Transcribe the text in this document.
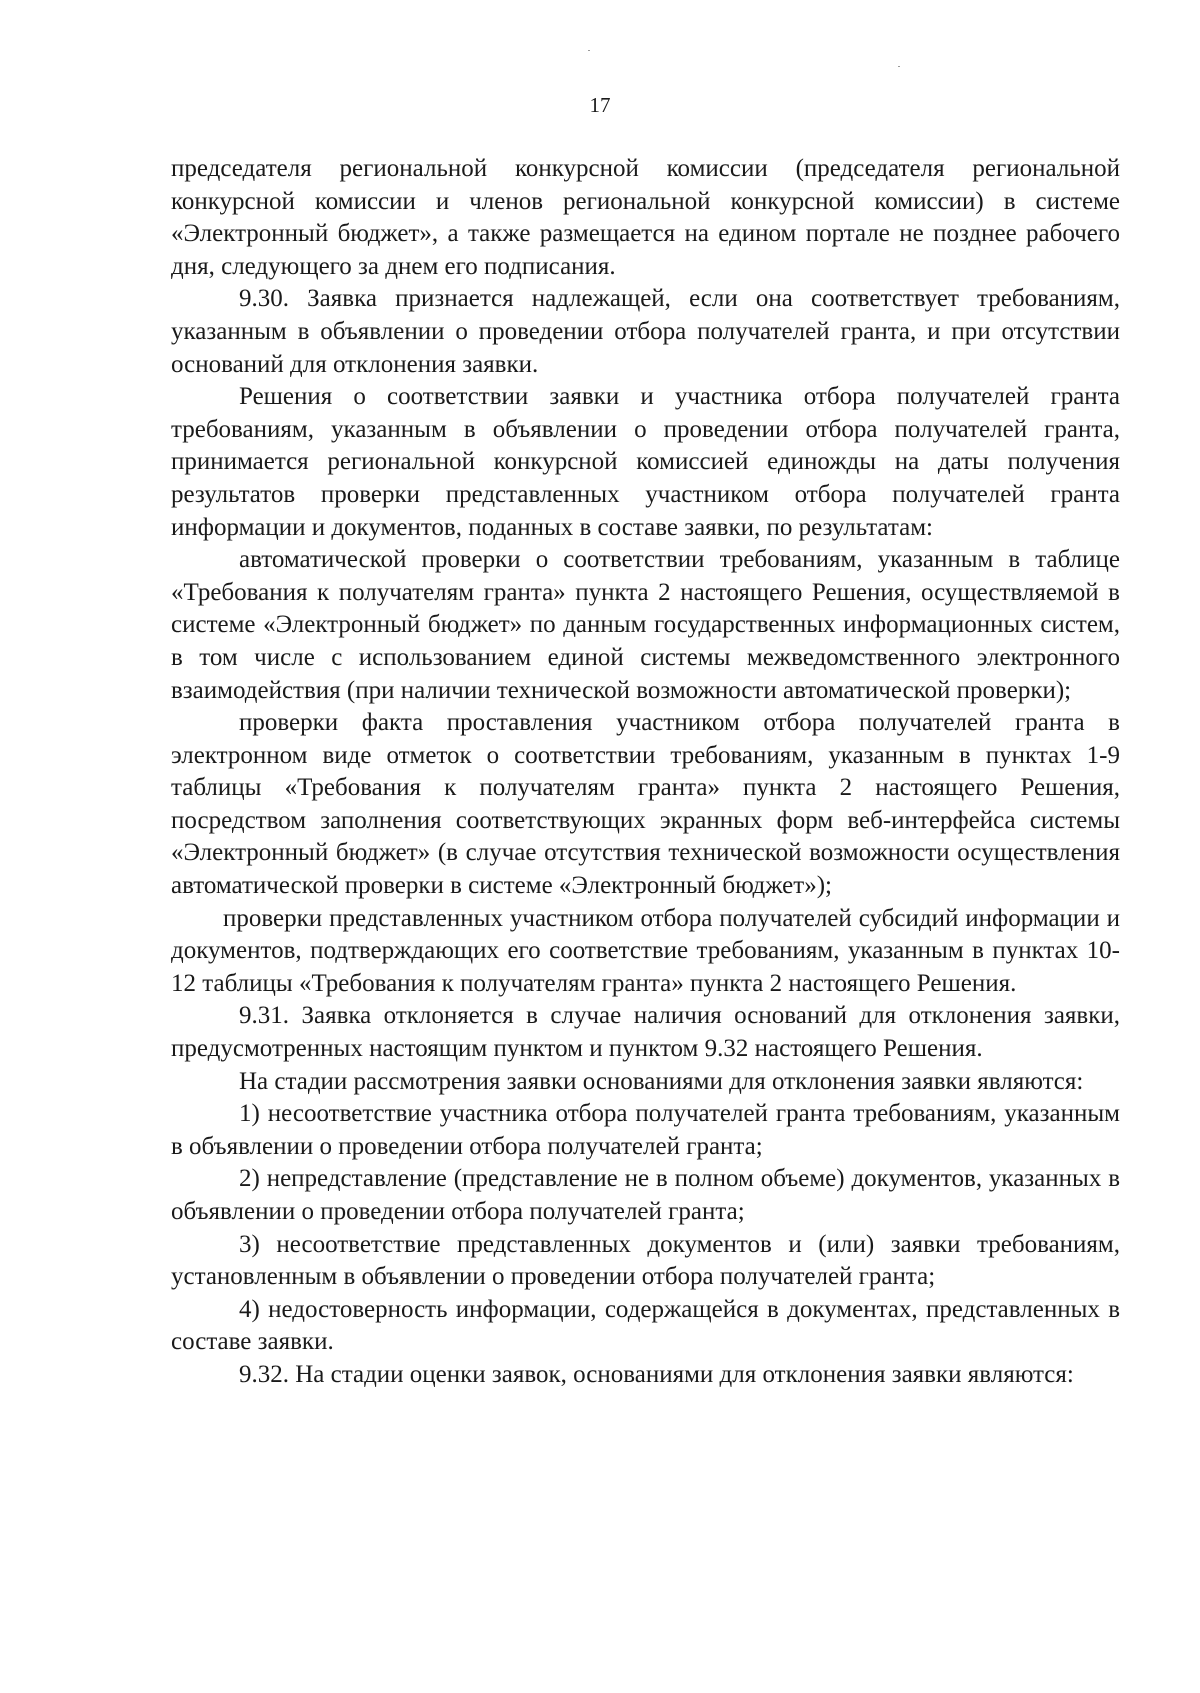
17

председателя региональной конкурсной комиссии (председателя региональной конкурсной комиссии и членов региональной конкурсной комиссии) в системе «Электронный бюджет», а также размещается на едином портале не позднее рабочего дня, следующего за днем его подписания.

9.30. Заявка признается надлежащей, если она соответствует требованиям, указанным в объявлении о проведении отбора получателей гранта, и при отсутствии оснований для отклонения заявки.

Решения о соответствии заявки и участника отбора получателей гранта требованиям, указанным в объявлении о проведении отбора получателей гранта, принимается региональной конкурсной комиссией единожды на даты получения результатов проверки представленных участником отбора получателей гранта информации и документов, поданных в составе заявки, по результатам:

автоматической проверки о соответствии требованиям, указанным в таблице «Требования к получателям гранта» пункта 2 настоящего Решения, осуществляемой в системе «Электронный бюджет» по данным государственных информационных систем, в том числе с использованием единой системы межведомственного электронного взаимодействия (при наличии технической возможности автоматической проверки);

проверки факта проставления участником отбора получателей гранта в электронном виде отметок о соответствии требованиям, указанным в пунктах 1-9 таблицы «Требования к получателям гранта» пункта 2 настоящего Решения, посредством заполнения соответствующих экранных форм веб-интерфейса системы «Электронный бюджет» (в случае отсутствия технической возможности осуществления автоматической проверки в системе «Электронный бюджет»);

проверки представленных участником отбора получателей субсидий информации и документов, подтверждающих его соответствие требованиям, указанным в пунктах 10-12 таблицы «Требования к получателям гранта» пункта 2 настоящего Решения.

9.31. Заявка отклоняется в случае наличия оснований для отклонения заявки, предусмотренных настоящим пунктом и пунктом 9.32 настоящего Решения.

На стадии рассмотрения заявки основаниями для отклонения заявки являются:

1) несоответствие участника отбора получателей гранта требованиям, указанным в объявлении о проведении отбора получателей гранта;

2) непредставление (представление не в полном объеме) документов, указанных в объявлении о проведении отбора получателей гранта;

3) несоответствие представленных документов и (или) заявки требованиям, установленным в объявлении о проведении отбора получателей гранта;

4) недостоверность информации, содержащейся в документах, представленных в составе заявки.

9.32. На стадии оценки заявок, основаниями для отклонения заявки являются:
